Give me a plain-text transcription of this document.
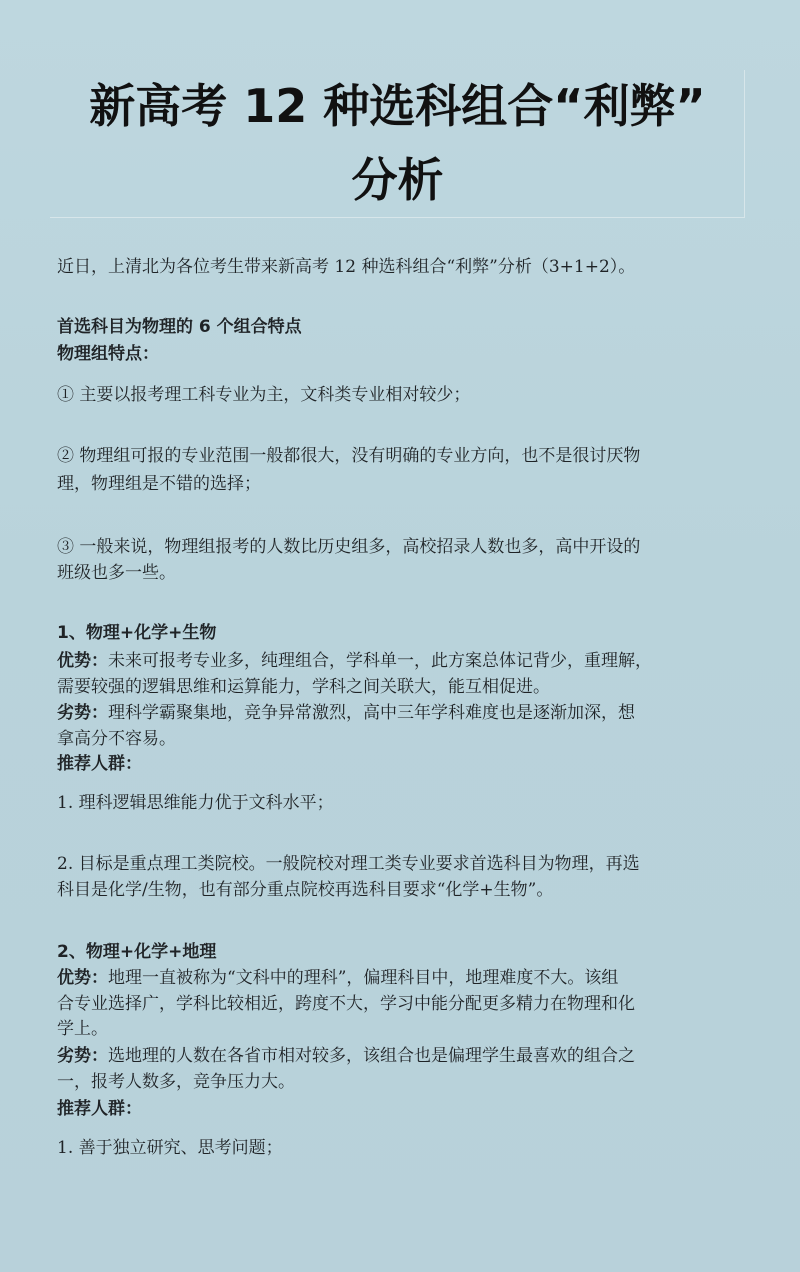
新高考 12 种选科组合“利弊”
分析
近日，上清北为各位考生带来新高考 12 种选科组合“利弊”分析（3+1+2）。
首选科目为物理的 6 个组合特点
物理组特点：
① 主要以报考理工科专业为主，文科类专业相对较少；
② 物理组可报的专业范围一般都很大，没有明确的专业方向，也不是很讨厌物
理，物理组是不错的选择；
③ 一般来说，物理组报考的人数比历史组多，高校招录人数也多，高中开设的
班级也多一些。
1、物理+化学+生物
优势：未来可报考专业多，纯理组合，学科单一，此方案总体记背少，重理解，
需要较强的逻辑思维和运算能力，学科之间关联大，能互相促进。
劣势：理科学霸聚集地，竞争异常激烈，高中三年学科难度也是逐渐加深，想
拿高分不容易。
推荐人群：
1. 理科逻辑思维能力优于文科水平；
2. 目标是重点理工类院校。一般院校对理工类专业要求首选科目为物理，再选
科目是化学/生物，也有部分重点院校再选科目要求“化学+生物”。
2、物理+化学+地理
优势：地理一直被称为“文科中的理科”，偏理科目中，地理难度不大。该组
合专业选择广，学科比较相近，跨度不大，学习中能分配更多精力在物理和化
学上。
劣势：选地理的人数在各省市相对较多，该组合也是偏理学生最喜欢的组合之
一，报考人数多，竞争压力大。
推荐人群：
1. 善于独立研究、思考问题；
